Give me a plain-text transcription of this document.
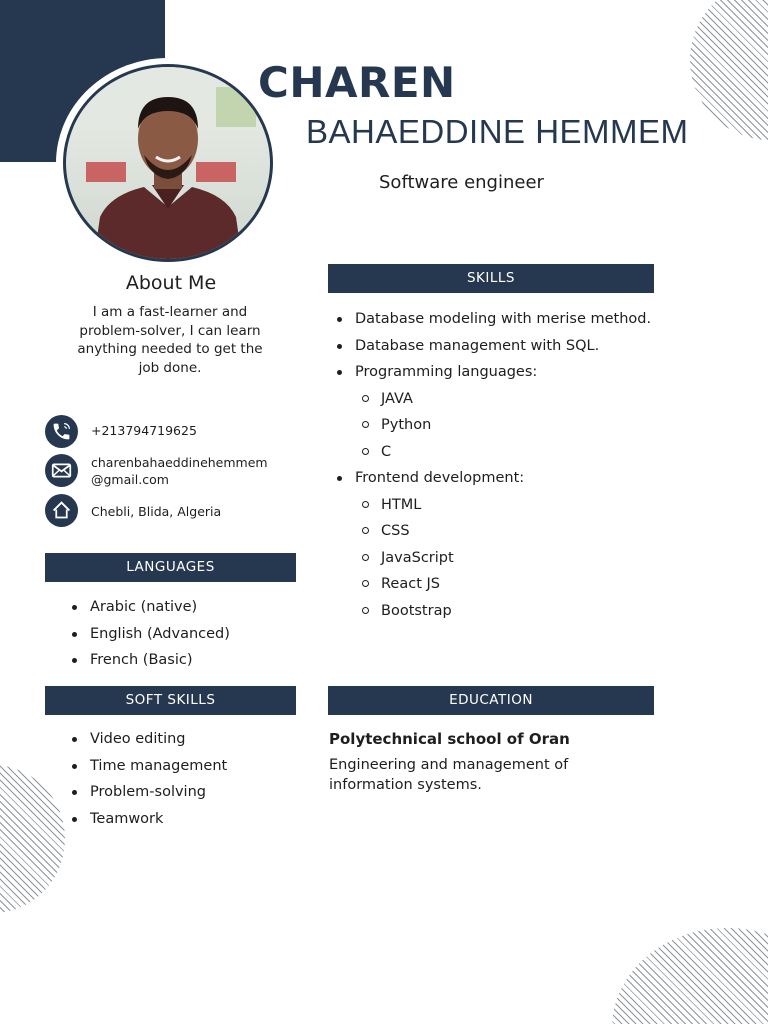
CHAREN
BAHAEDDINE HEMMEM
Software engineer
About Me
I am a fast-learner and problem-solver, I can learn anything needed to get the job done.
+213794719625
charenbahaeddinehemmem
@gmail.com
Chebli, Blida, Algeria
LANGUAGES
Arabic (native)
English (Advanced)
French (Basic)
SOFT SKILLS
Video editing
Time management
Problem-solving
Teamwork
SKILLS
Database modeling with merise method.
Database management with SQL.
Programming languages:
JAVA
Python
C
Frontend development:
HTML
CSS
JavaScript
React JS
Bootstrap
EDUCATION
Polytechnical school of Oran
Engineering and management of information systems.
